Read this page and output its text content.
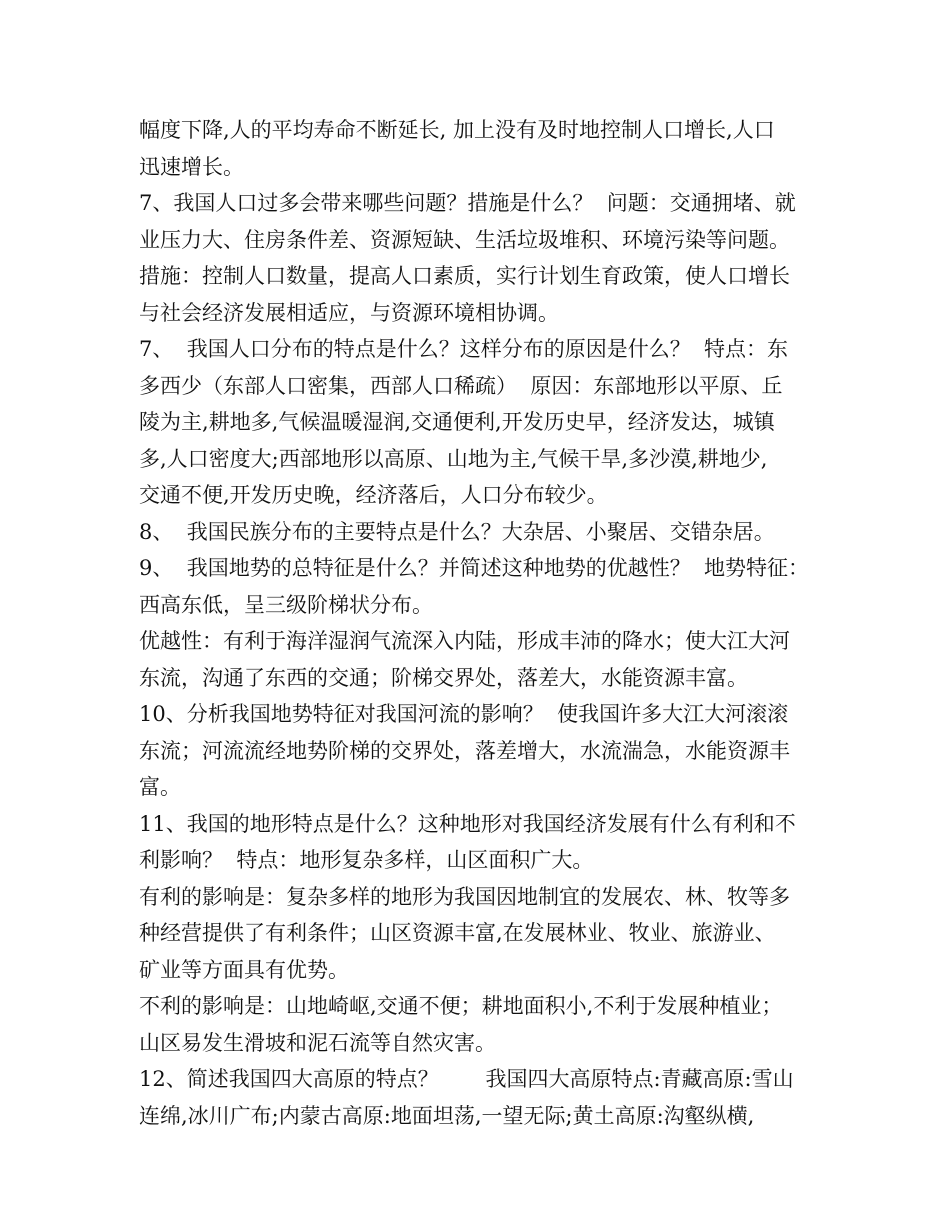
幅度下降,人的平均寿命不断延长, 加上没有及时地控制人口增长,人口
迅速增长。
7、我国人口过多会带来哪些问题？措施是什么？  问题：交通拥堵、就
业压力大、住房条件差、资源短缺、生活垃圾堆积、环境污染等问题。
措施：控制人口数量，提高人口素质，实行计划生育政策，使人口增长
与社会经济发展相适应，与资源环境相协调。
7、  我国人口分布的特点是什么？这样分布的原因是什么？  特点：东
多西少（东部人口密集，西部人口稀疏）  原因：东部地形以平原、丘
陵为主,耕地多,气候温暖湿润,交通便利,开发历史早，经济发达，城镇
多,人口密度大;西部地形以高原、山地为主,气候干旱,多沙漠,耕地少,
交通不便,开发历史晚，经济落后，人口分布较少。
8、  我国民族分布的主要特点是什么？大杂居、小聚居、交错杂居。
9、  我国地势的总特征是什么？并简述这种地势的优越性？  地势特征：
西高东低，呈三级阶梯状分布。
优越性：有利于海洋湿润气流深入内陆，形成丰沛的降水；使大江大河
东流，沟通了东西的交通；阶梯交界处，落差大，水能资源丰富。
10、分析我国地势特征对我国河流的影响？  使我国许多大江大河滚滚
东流；河流流经地势阶梯的交界处，落差增大，水流湍急，水能资源丰
富。
11、我国的地形特点是什么？这种地形对我国经济发展有什么有利和不
利影响？  特点：地形复杂多样，山区面积广大。
有利的影响是：复杂多样的地形为我国因地制宜的发展农、林、牧等多
种经营提供了有利条件；山区资源丰富,在发展林业、牧业、旅游业、
矿业等方面具有优势。
不利的影响是：山地崎岖,交通不便；耕地面积小,不利于发展种植业；
山区易发生滑坡和泥石流等自然灾害。
12、简述我国四大高原的特点？       我国四大高原特点:青藏高原:雪山
连绵,冰川广布;内蒙古高原:地面坦荡,一望无际;黄土高原:沟壑纵横,
